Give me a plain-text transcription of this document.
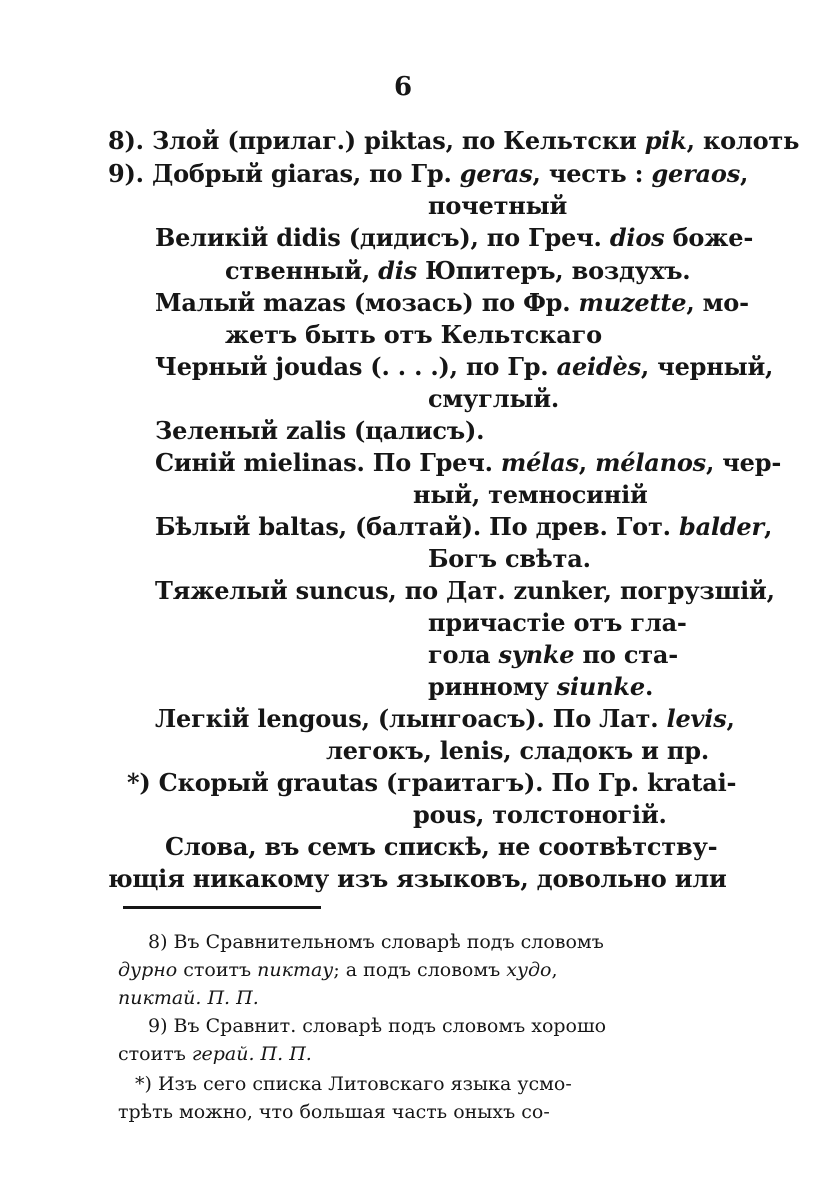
6
8). Злой (прилаг.) piktas, по Кельтски pik, колоть
9). Добрый giaras, по Гр. geras, честь : geraos,
почетный
Великій didis (дидисъ), по Греч. dios боже-
ственный, dis Юпитеръ, воздухъ.
Малый mazas (мозась) по Фр. muzette, мо-
жетъ быть отъ Кельтскаго
Черный joudas (. . . .), по Гр. aeidès, черный,
смуглый.
Зеленый zalis (цалисъ).
Синій mielinas. По Греч. mélas, mélanos, чер-
ный, темносиній
Бѣлый baltas, (балтай). По древ. Гот. balder,
Богъ свѣта.
Тяжелый suncus, по Дат. zunker, погрузшій,
причастіе отъ гла-
гола synke по ста-
ринному siunke.
Легкій lengous, (лынгоасъ). По Лат. levis,
легокъ, lenis, сладокъ и пр.
*) Скорый grautas (граитагъ). По Гр. kratai-
pous, толстоногій.
Слова, въ семъ спискѣ, не соотвѣтству-
ющія никакому изъ языковъ, довольно или
8) Въ Сравнительномъ словарѣ подъ словомъ
дурно стоитъ пиктау; а подъ словомъ худо,
пиктай. П. П.
9) Въ Сравнит. словарѣ подъ словомъ хорошо
стоитъ герай. П. П.
*) Изъ сего списка Литовскаго языка усмо-
трѣть можно, что большая часть оныхъ со-
